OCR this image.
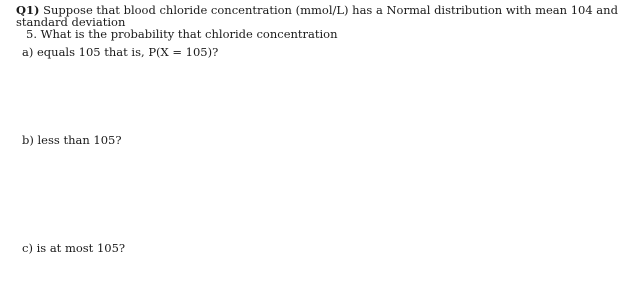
Q1) Suppose that blood chloride concentration (mmol/L) has a Normal distribution with mean 104 and standard deviation
5. What is the probability that chloride concentration
a) equals 105 that is, P(X = 105)?
b) less than 105?
c) is at most 105?
